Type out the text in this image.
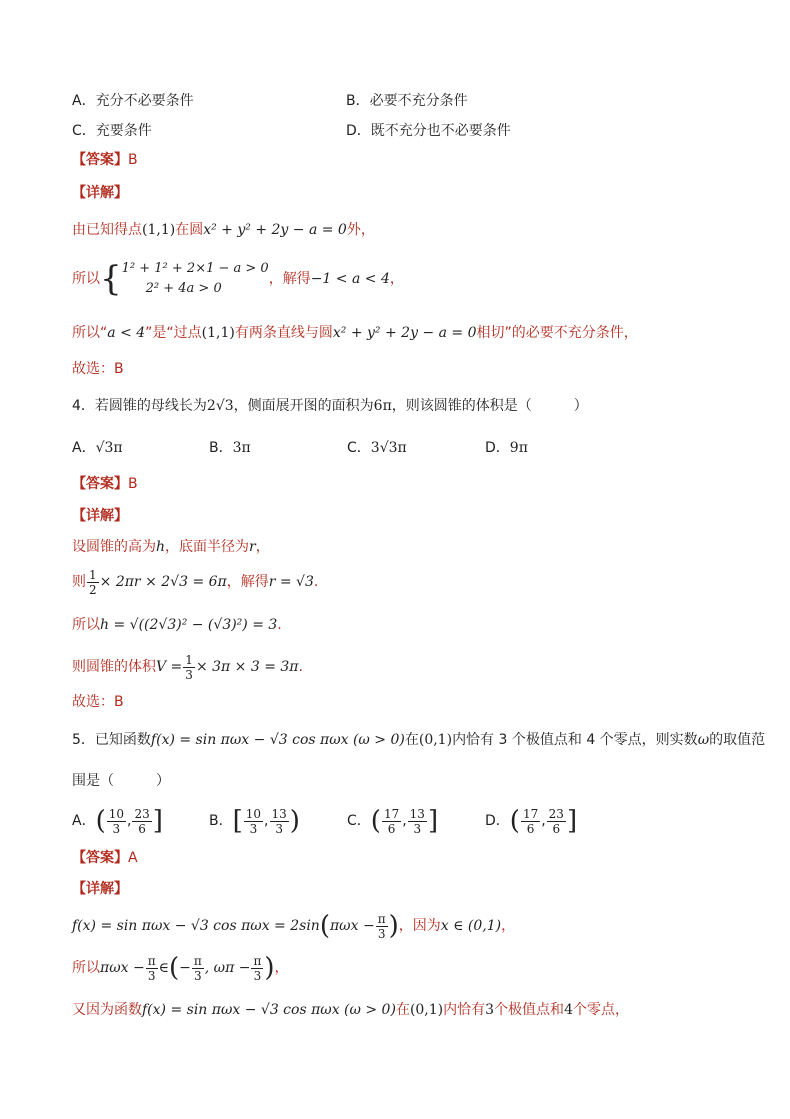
A．充分不必要条件	B．必要不充分条件
C．充要条件	D．既不充分也不必要条件
【答案】B
【详解】
由已知得点(1,1)在圆x² + y² + 2y − a = 0外，
所以{ 1² + 1² + 2×1 − a > 0
2² + 4a > 0
，解得−1 < a < 4，
所以“a < 4”是“过点(1,1)有两条直线与圆x² + y² + 2y − a = 0相切”的必要不充分条件，
故选：B
4．若圆锥的母线长为2√3，侧面展开图的面积为6π，则该圆锥的体积是（　　　）
A．√3π	B．3π	C．3√3π	D．9π
【答案】B
【详解】
设圆锥的高为h，底面半径为r，
则 $\frac{1}{2} \times 2\pi r \times 2√3 = 6\pi$，解得r = √3.
所以h = √((2√3)² − (√3)²) = 3.
则圆锥的体积$V = \frac{1}{3} \times 3\pi \times 3 = 3\pi$.
故选：B
5．已知函数f(x) = sin πωx − √3 cos πωx (ω > 0)在(0,1)内恰有 3 个极值点和 4 个零点，则实数ω的取值范
围是（　　　）
A．( $\frac{10}{3}$ , $\frac{23}{6}$ ]	B．[ $\frac{10}{3}$ , $\frac{13}{3}$ )	C．( $\frac{17}{6}$ , $\frac{13}{3}$ ]	D．( $\frac{17}{6}$ , $\frac{23}{6}$ ]
【答案】A
【详解】
f(x) = sin πωx − √3 $\cos \pi\omega x = 2\sin(\pi\omega x - \frac{\pi}{3}$ )，因为x ∈ (0,1)，
所以$\pi\omega x - \frac{\pi}{3}$ ∈(− $\frac{\pi}{3}$ , $\omega\pi - \frac{\pi}{3}$ )，
又因为函数f(x) = sin πωx − √3 cos πωx (ω > 0)在(0,1)内恰有3个极值点和4个零点，
